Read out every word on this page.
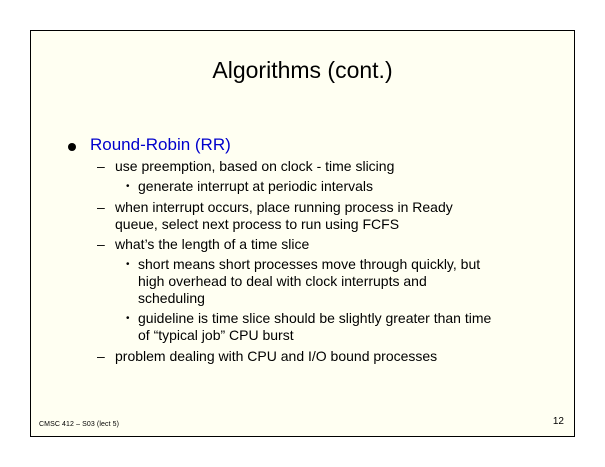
Algorithms (cont.)
Round-Robin (RR)
– use preemption, based on clock - time slicing
• generate interrupt at periodic intervals
– when interrupt occurs, place running process in Ready
queue, select next process to run using FCFS
– what’s the length of a time slice
• short means short processes move through quickly, but
high overhead to deal with clock interrupts and
scheduling
• guideline is time slice should be slightly greater than time
of “typical job” CPU burst
– problem dealing with CPU and I/O bound processes
CMSC 412 – S03 (lect 5)	12
